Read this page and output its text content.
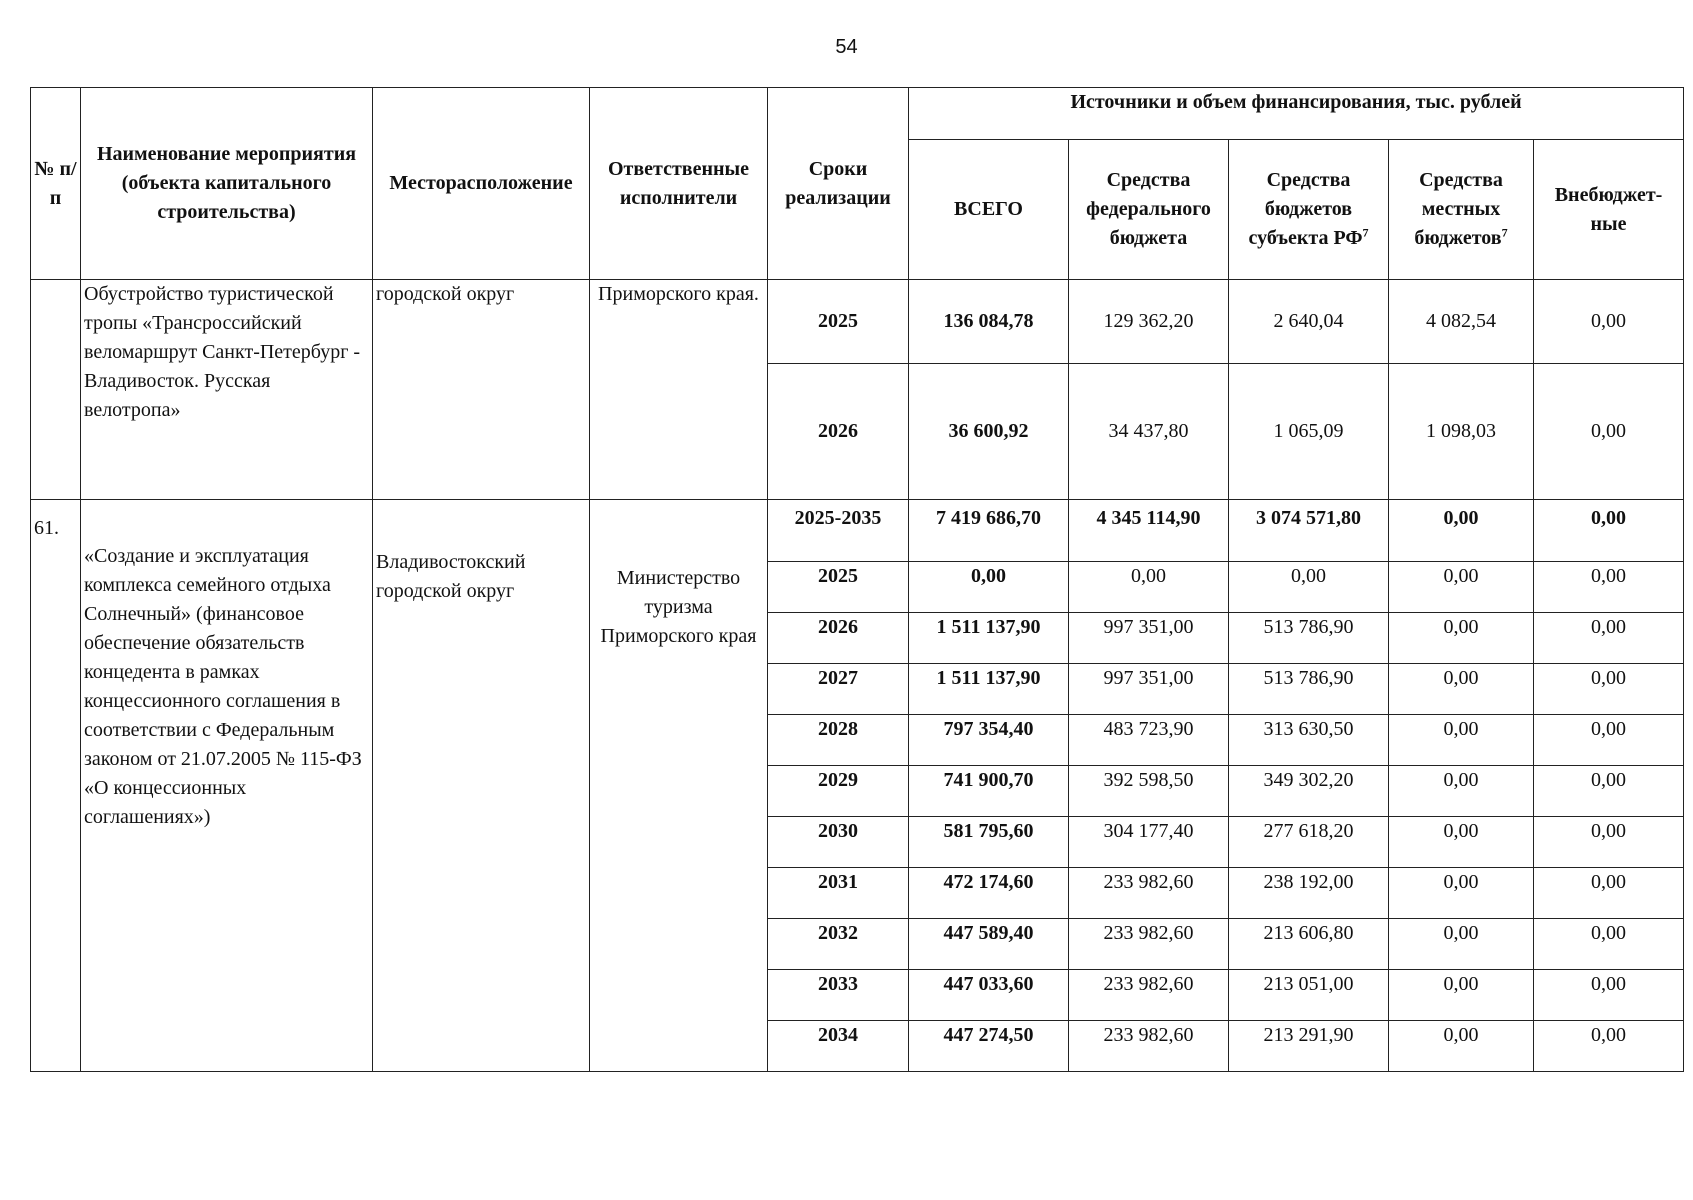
54
№ п/п	Наименование мероприятия (объекта капитального строительства)	Месторасположение	Ответственные исполнители	Сроки реализации	Источники и объем финансирования, тыс. рублей				
					ВСЕГО	Средства федерального бюджета	Средства бюджетов субъекта $РФ^7$	Средства местных бюджетов$^7$	Внебюджет-ные
	Обустройство туристической тропы «Трансроссийский веломаршрут Санкт-Петербург - Владивосток. Русская велотропа»	городской округ	Приморского края.	2025	136 084,78	129 362,20	2 640,04	4 082,54	0,00
				2026	36 600,92	34 437,80	1 065,09	1 098,03	0,00
61.	«Создание и эксплуатация комплекса семейного отдыха Солнечный» (финансовое обеспечение обязательств концедента в рамках концессионного соглашения в соответствии с Федеральным законом от 21.07.2005 № 115-ФЗ «О концессионных соглашениях»)	Владивостокский городской округ	Министерство туризма Приморского края	2025-2035	7 419 686,70	4 345 114,90	3 074 571,80	0,00	0,00
				2025	0,00	0,00	0,00	0,00	0,00
				2026	1 511 137,90	997 351,00	513 786,90	0,00	0,00
				2027	1 511 137,90	997 351,00	513 786,90	0,00	0,00
				2028	797 354,40	483 723,90	313 630,50	0,00	0,00
				2029	741 900,70	392 598,50	349 302,20	0,00	0,00
				2030	581 795,60	304 177,40	277 618,20	0,00	0,00
				2031	472 174,60	233 982,60	238 192,00	0,00	0,00
				2032	447 589,40	233 982,60	213 606,80	0,00	0,00
				2033	447 033,60	233 982,60	213 051,00	0,00	0,00
				2034	447 274,50	233 982,60	213 291,90	0,00	0,00
